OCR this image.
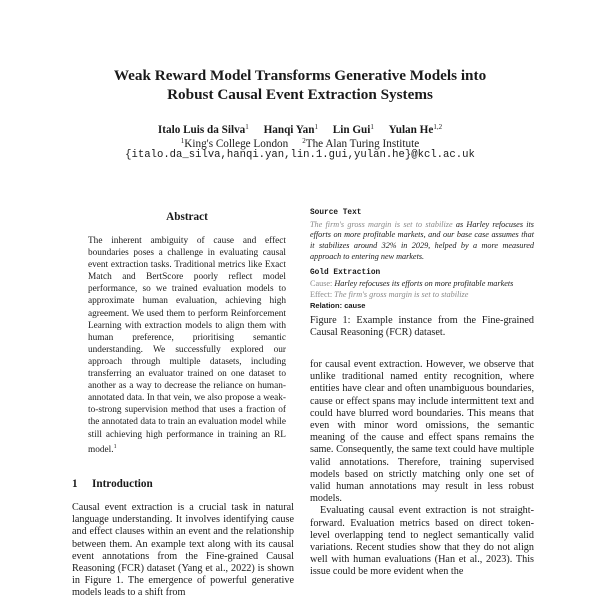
Weak Reward Model Transforms Generative Models into
Robust Causal Event Extraction Systems
Italo Luis da Silva$^1$ Hanqi Yan$^1$ Lin Gui$^1$ Yulan He$^{1,2}$
$^1$King's College London $^2$The Alan Turing Institute
{italo.da_silva,hanqi.yan,lin.1.gui,yulan.he}@kcl.ac.uk
Abstract
The inherent ambiguity of cause and effect boundaries poses a challenge in evaluating causal event extraction tasks. Traditional metrics like Exact Match and BertScore poorly reflect model performance, so we trained evaluation models to approximate human evaluation, achieving high agreement. We used them to perform Reinforcement Learning with extraction models to align them with human preference, prioritising semantic understanding. We successfully explored our approach through multiple datasets, including transferring an evaluator trained on one dataset to another as a way to decrease the reliance on human-annotated data. In that vein, we also propose a weak-to-strong supervision method that uses a fraction of the annotated data to train an evaluation model while still achieving high performance in training an RL model.$^1$
1 Introduction
Causal event extraction is a crucial task in natural language understanding. It involves identifying cause and effect clauses within an event and the relationship between them. An example text along with its causal event annotations from the Fine-grained Causal Reasoning (FCR) dataset (Yang et al., 2022) is shown in Figure 1. The emergence of powerful generative models leads to a shift from
Source Text
The firm's gross margin is set to stabilize as Harley refocuses its efforts on more profitable markets, and our base case assumes that it stabilizes around 32% in 2029, helped by a more measured approach to entering new markets.
Gold Extraction
Cause: Harley refocuses its efforts on more profitable markets
Effect: The firm's gross margin is set to stabilize
Relation: cause
Figure 1: Example instance from the Fine-grained Causal Reasoning (FCR) dataset.

for causal event extraction. However, we observe that unlike traditional named entity recognition, where entities have clear and often unambiguous boundaries, cause or effect spans may include intermittent text and could have blurred word boundaries. This means that even with minor word omissions, the semantic meaning of the cause and effect spans remains the same. Consequently, the same text could have multiple valid annotations. Therefore, training supervised models based on strictly matching only one set of valid human annotations may result in less robust models.

Evaluating causal event extraction is not straightforward. Evaluation metrics based on direct token-level overlapping tend to neglect semantically valid variations. Recent studies show that they do not align well with human evaluations (Han et al., 2023). This issue could be more evident when the
